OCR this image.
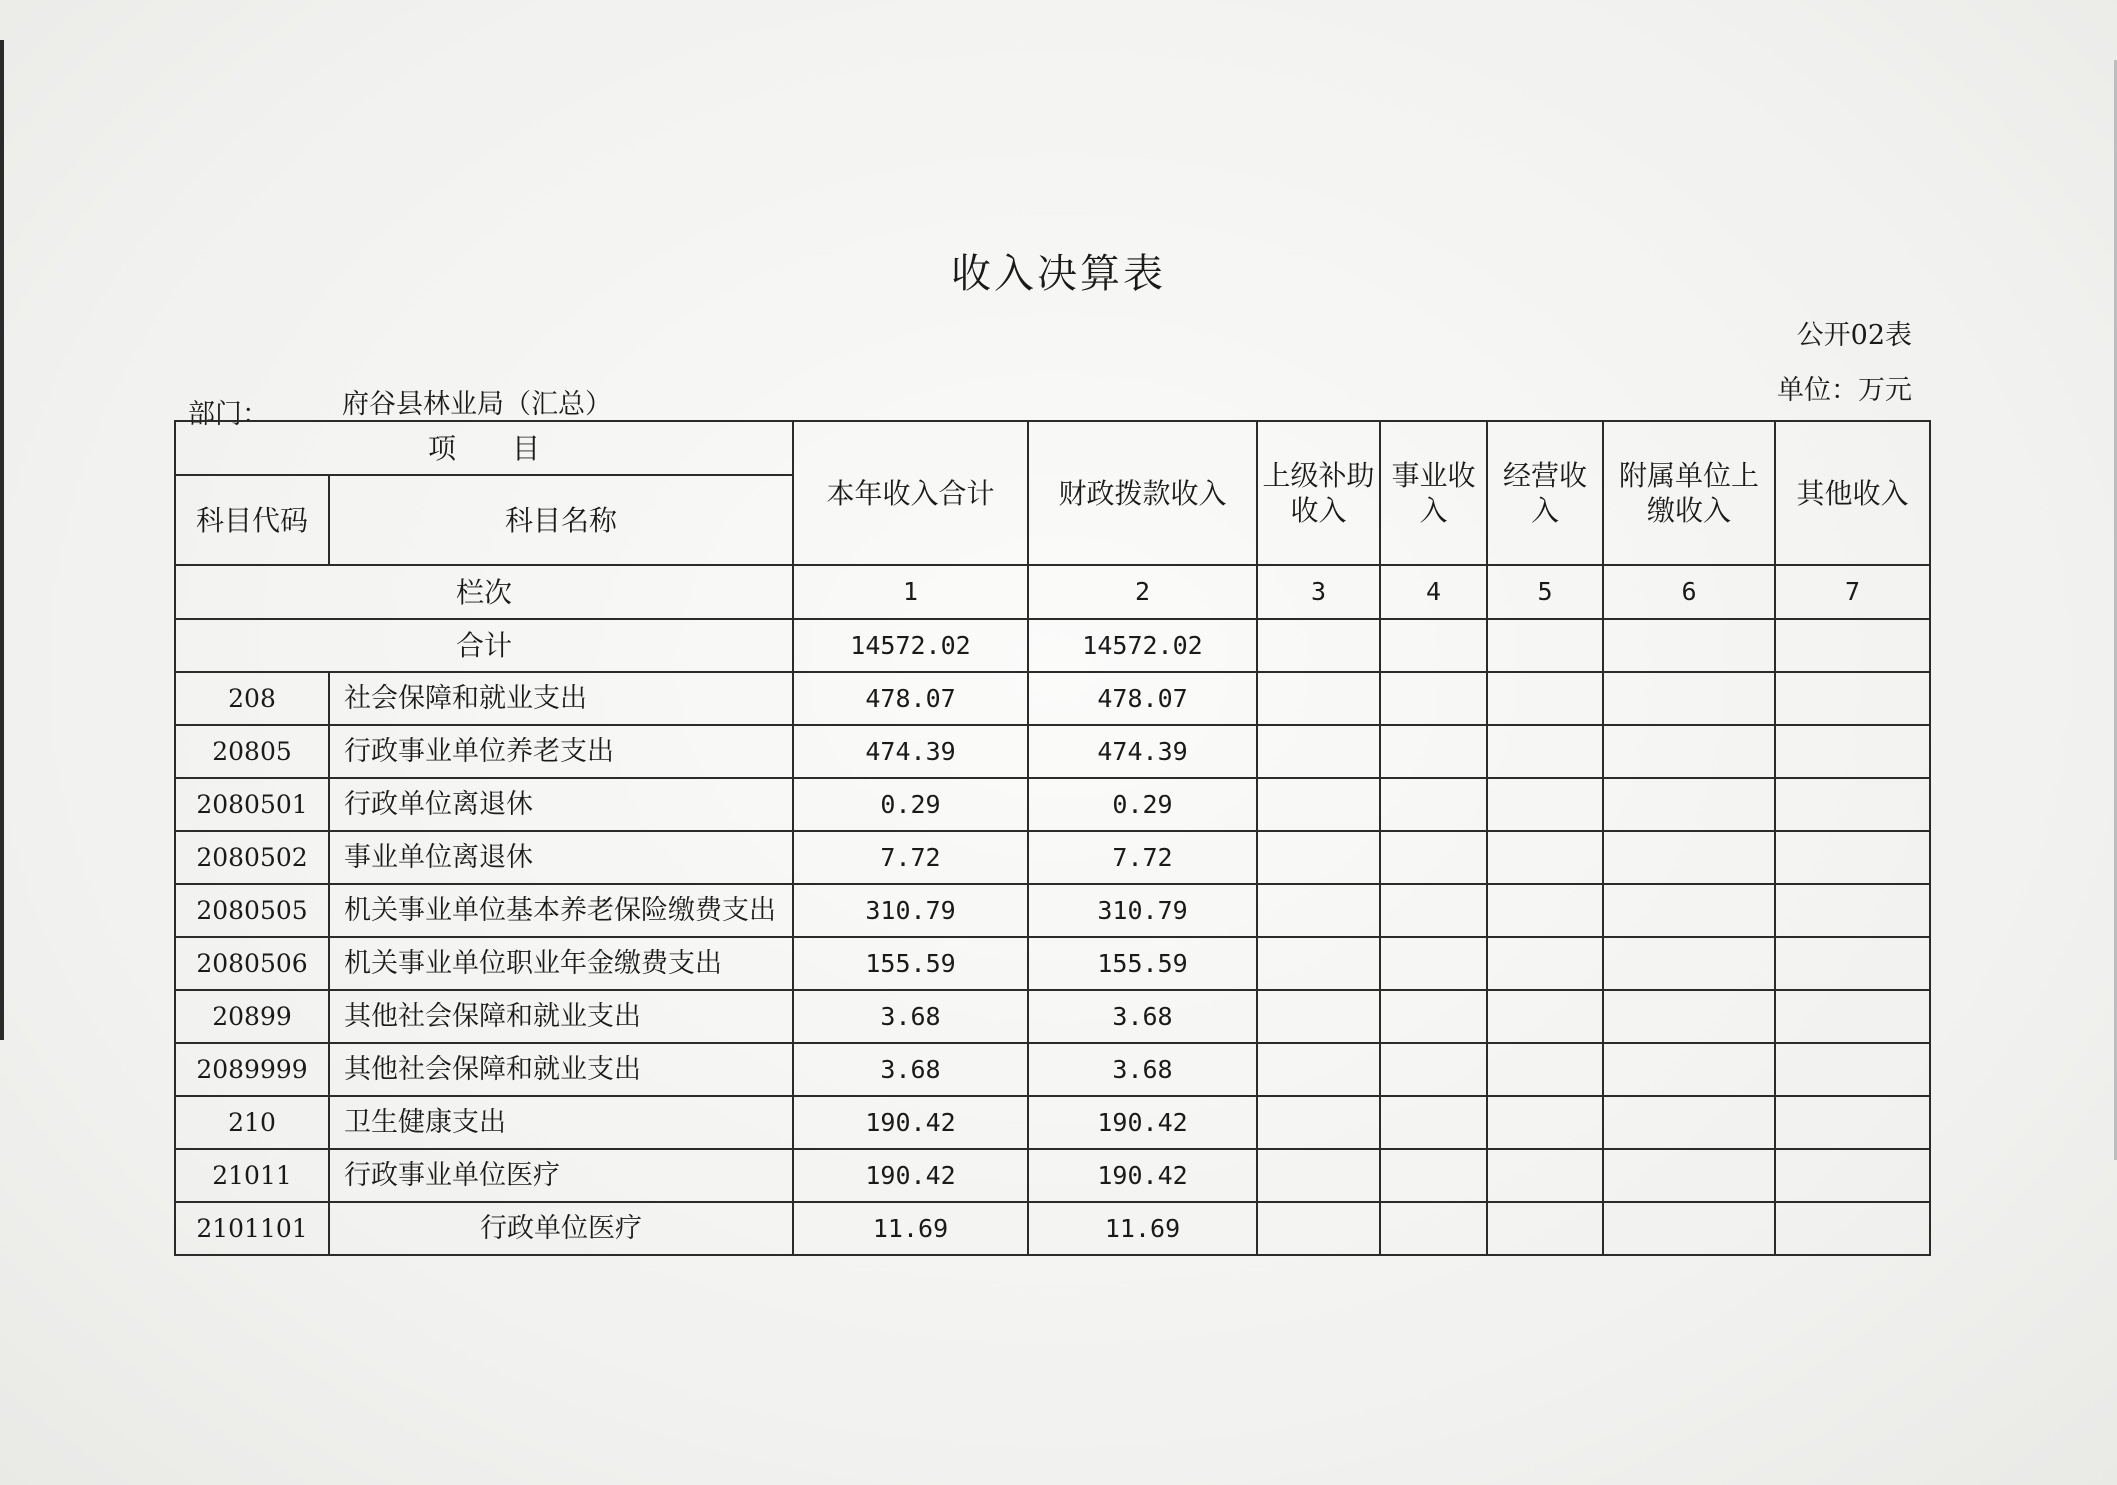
收入决算表
公开02表
单位：万元
部门：	府谷县林业局（汇总）
项　　目		本年收入合计	财政拨款收入	上级补助收入	事业收入	经营收入	附属单位上缴收入	其他收入
科目代码	科目名称							
栏次		1	2	3	4	5	6	7
合计		14572.02	14572.02					
208	社会保障和就业支出	478.07	478.07					
20805	行政事业单位养老支出	474.39	474.39					
2080501	行政单位离退休	0.29	0.29					
2080502	事业单位离退休	7.72	7.72					
2080505	机关事业单位基本养老保险缴费支出	310.79	310.79					
2080506	机关事业单位职业年金缴费支出	155.59	155.59					
20899	其他社会保障和就业支出	3.68	3.68					
2089999	其他社会保障和就业支出	3.68	3.68					
210	卫生健康支出	190.42	190.42					
21011	行政事业单位医疗	190.42	190.42					
2101101	行政单位医疗	11.69	11.69					
